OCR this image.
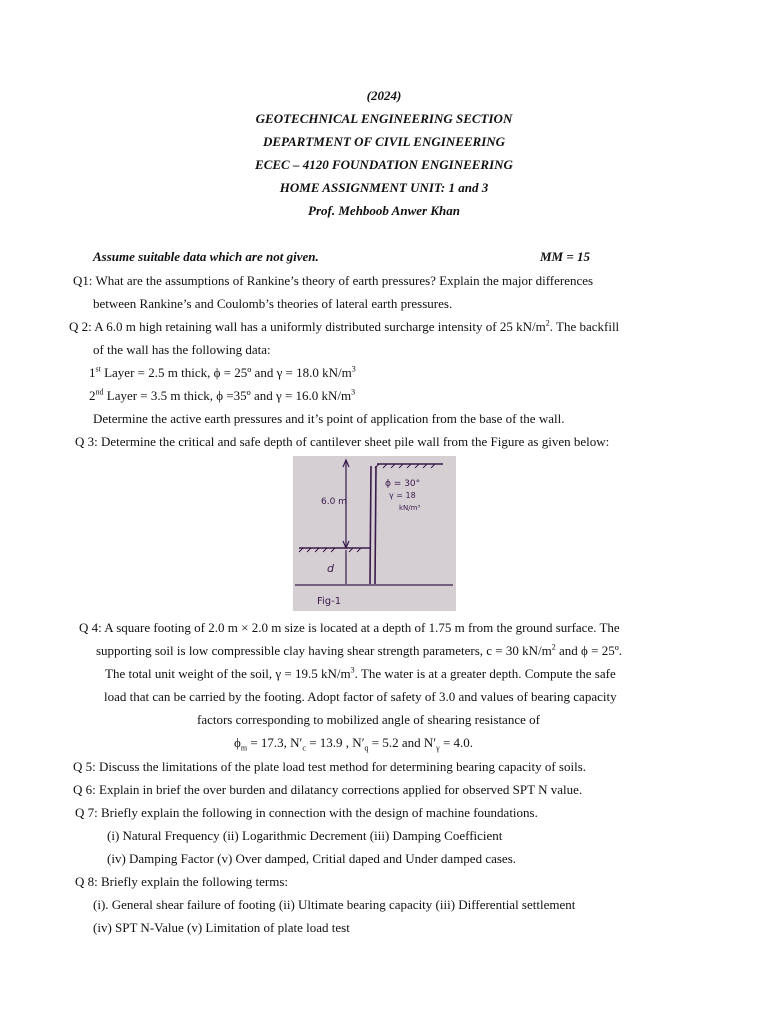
(2024)
GEOTECHNICAL ENGINEERING SECTION
DEPARTMENT OF CIVIL ENGINEERING
ECEC – 4120 FOUNDATION ENGINEERING
HOME ASSIGNMENT UNIT: 1 and 3
Prof. Mehboob Anwer Khan
Assume suitable data which are not given.	MM = 15
Q1: What are the assumptions of Rankine’s theory of earth pressures? Explain the major differences
between Rankine’s and Coulomb’s theories of lateral earth pressures.
Q 2: A 6.0 m high retaining wall has a uniformly distributed surcharge intensity of 25 $kN/m^2$. The backfill
of the wall has the following data:
1st Layer = 2.5 m thick, ϕ = 25º and γ = 18.0 $kN/m^3$
2nd Layer = 3.5 m thick, ϕ =35º and γ = 16.0 $kN/m^3$
Determine the active earth pressures and it’s point of application from the base of the wall.
Q 3: Determine the critical and safe depth of cantilever sheet pile wall from the Figure as given below:
6.0 m
ϕ = 30°
γ = 18
kN/m³
d
Fig-1
Q 4: A square footing of 2.0 m × 2.0 m size is located at a depth of 1.75 m from the ground surface. The
supporting soil is low compressible clay having shear strength parameters, c = 30 $kN/m^2$ and ϕ = 25º.
The total unit weight of the soil, γ = 19.5 $kN/m^3$. The water is at a greater depth. Compute the safe
load that can be carried by the footing. Adopt factor of safety of 3.0 and values of bearing capacity
factors corresponding to mobilized angle of shearing resistance of
$\phi_m = 17.3$, $N'_c = 13.9$ , $N'_q = 5.2$ and $N'_\gamma = 4.0$.
Q 5: Discuss the limitations of the plate load test method for determining bearing capacity of soils.
Q 6: Explain in brief the over burden and dilatancy corrections applied for observed SPT N value.
Q 7: Briefly explain the following in connection with the design of machine foundations.
(i) Natural Frequency (ii) Logarithmic Decrement (iii) Damping Coefficient
(iv) Damping Factor (v) Over damped, Critial daped and Under damped cases.
Q 8: Briefly explain the following terms:
(i). General shear failure of footing (ii) Ultimate bearing capacity (iii) Differential settlement
(iv) SPT N-Value (v) Limitation of plate load test
